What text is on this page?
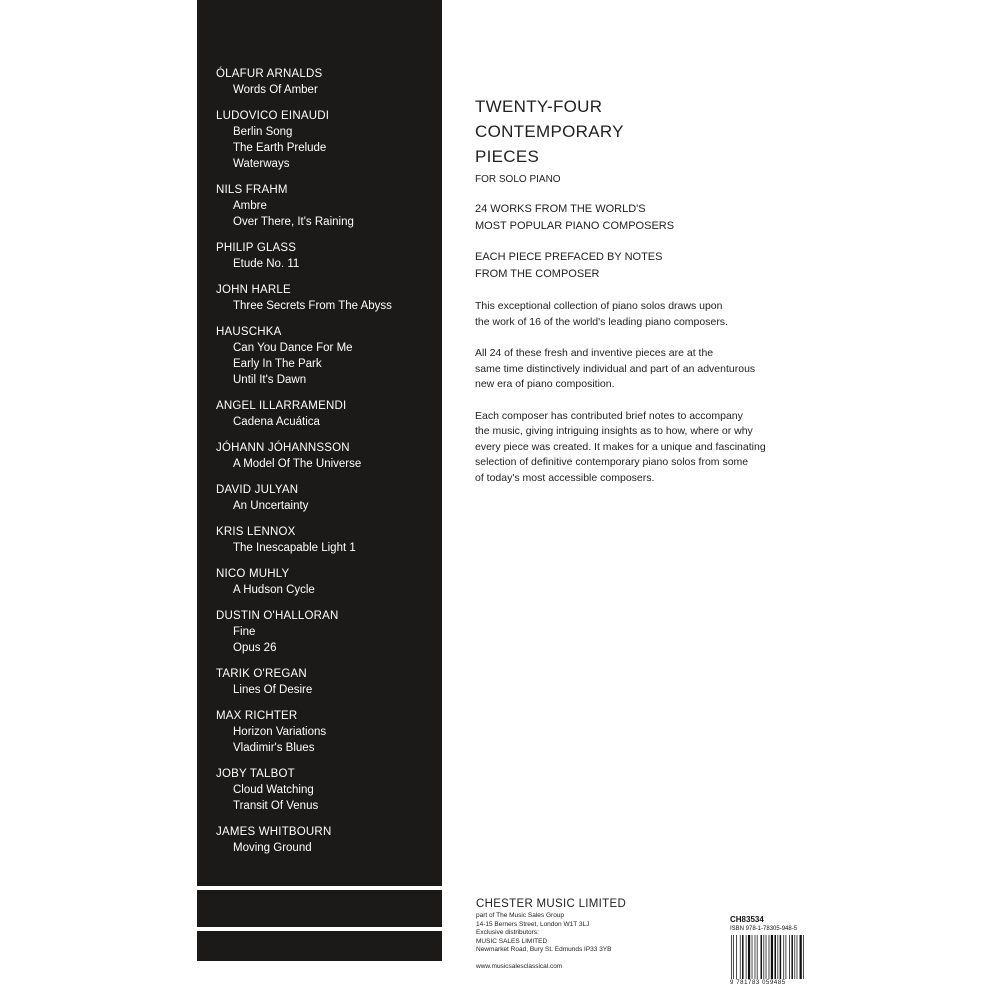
ÓLAFUR ARNALDS
Words Of Amber
LUDOVICO EINAUDI
Berlin Song
The Earth Prelude
Waterways
NILS FRAHM
Ambre
Over There, It's Raining
PHILIP GLASS
Etude No. 11
JOHN HARLE
Three Secrets From The Abyss
HAUSCHKA
Can You Dance For Me
Early In The Park
Until It's Dawn
ANGEL ILLARRAMENDI
Cadena Acuática
JÓHANN JÓHANNSSON
A Model Of The Universe
DAVID JULYAN
An Uncertainty
KRIS LENNOX
The Inescapable Light 1
NICO MUHLY
A Hudson Cycle
DUSTIN O'HALLORAN
Fine
Opus 26
TARIK O'REGAN
Lines Of Desire
MAX RICHTER
Horizon Variations
Vladimir's Blues
JOBY TALBOT
Cloud Watching
Transit Of Venus
JAMES WHITBOURN
Moving Ground
TWENTY-FOUR
CONTEMPORARY
PIECES
FOR SOLO PIANO
24 WORKS FROM THE WORLD'S
MOST POPULAR PIANO COMPOSERS
EACH PIECE PREFACED BY NOTES
FROM THE COMPOSER

This exceptional collection of piano solos draws upon
the work of 16 of the world's leading piano composers.

All 24 of these fresh and inventive pieces are at the
same time distinctively individual and part of an adventurous
new era of piano composition.

Each composer has contributed brief notes to accompany
the music, giving intriguing insights as to how, where or why
every piece was created. It makes for a unique and fascinating
selection of definitive contemporary piano solos from some
of today's most accessible composers.

CHESTER MUSIC LIMITED
part of The Music Sales Group
14-15 Berners Street, London W1T 3LJ
Exclusive distributors:
MUSIC SALES LIMITED
Newmarket Road, Bury St. Edmunds IP33 3YB
www.musicsalesclassical.com
CH83534
ISBN 978-1-78305-948-5
9 781783 059485
